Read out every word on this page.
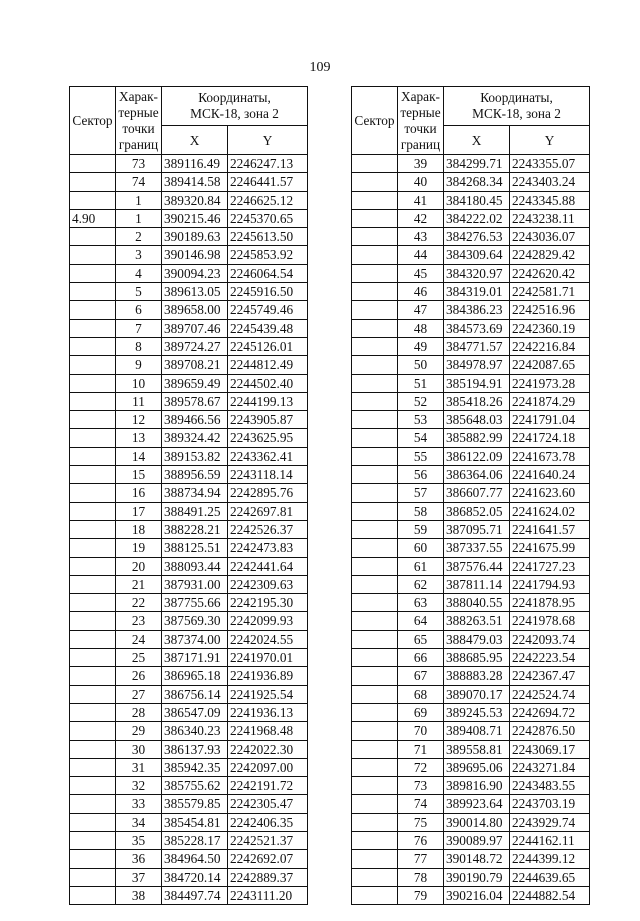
109
Сектор	Харак-
терные
точки
границ	Координаты,
МСК-18, зона 2	
		X	Y
	73	389116.49	2246247.13
	74	389414.58	2246441.57
	1	389320.84	2246625.12
4.90	1	390215.46	2245370.65
	2	390189.63	2245613.50
	3	390146.98	2245853.92
	4	390094.23	2246064.54
	5	389613.05	2245916.50
	6	389658.00	2245749.46
	7	389707.46	2245439.48
	8	389724.27	2245126.01
	9	389708.21	2244812.49
	10	389659.49	2244502.40
	11	389578.67	2244199.13
	12	389466.56	2243905.87
	13	389324.42	2243625.95
	14	389153.82	2243362.41
	15	388956.59	2243118.14
	16	388734.94	2242895.76
	17	388491.25	2242697.81
	18	388228.21	2242526.37
	19	388125.51	2242473.83
	20	388093.44	2242441.64
	21	387931.00	2242309.63
	22	387755.66	2242195.30
	23	387569.30	2242099.93
	24	387374.00	2242024.55
	25	387171.91	2241970.01
	26	386965.18	2241936.89
	27	386756.14	2241925.54
	28	386547.09	2241936.13
	29	386340.23	2241968.48
	30	386137.93	2242022.30
	31	385942.35	2242097.00
	32	385755.62	2242191.72
	33	385579.85	2242305.47
	34	385454.81	2242406.35
	35	385228.17	2242521.37
	36	384964.50	2242692.07
	37	384720.14	2242889.37
	38	384497.74	2243111.20
Сектор	Харак-
терные
точки
границ	Координаты,
МСК-18, зона 2	
		X	Y
	39	384299.71	2243355.07
	40	384268.34	2243403.24
	41	384180.45	2243345.88
	42	384222.02	2243238.11
	43	384276.53	2243036.07
	44	384309.64	2242829.42
	45	384320.97	2242620.42
	46	384319.01	2242581.71
	47	384386.23	2242516.96
	48	384573.69	2242360.19
	49	384771.57	2242216.84
	50	384978.97	2242087.65
	51	385194.91	2241973.28
	52	385418.26	2241874.29
	53	385648.03	2241791.04
	54	385882.99	2241724.18
	55	386122.09	2241673.78
	56	386364.06	2241640.24
	57	386607.77	2241623.60
	58	386852.05	2241624.02
	59	387095.71	2241641.57
	60	387337.55	2241675.99
	61	387576.44	2241727.23
	62	387811.14	2241794.93
	63	388040.55	2241878.95
	64	388263.51	2241978.68
	65	388479.03	2242093.74
	66	388685.95	2242223.54
	67	388883.28	2242367.47
	68	389070.17	2242524.74
	69	389245.53	2242694.72
	70	389408.71	2242876.50
	71	389558.81	2243069.17
	72	389695.06	2243271.84
	73	389816.90	2243483.55
	74	389923.64	2243703.19
	75	390014.80	2243929.74
	76	390089.97	2244162.11
	77	390148.72	2244399.12
	78	390190.79	2244639.65
	79	390216.04	2244882.54
